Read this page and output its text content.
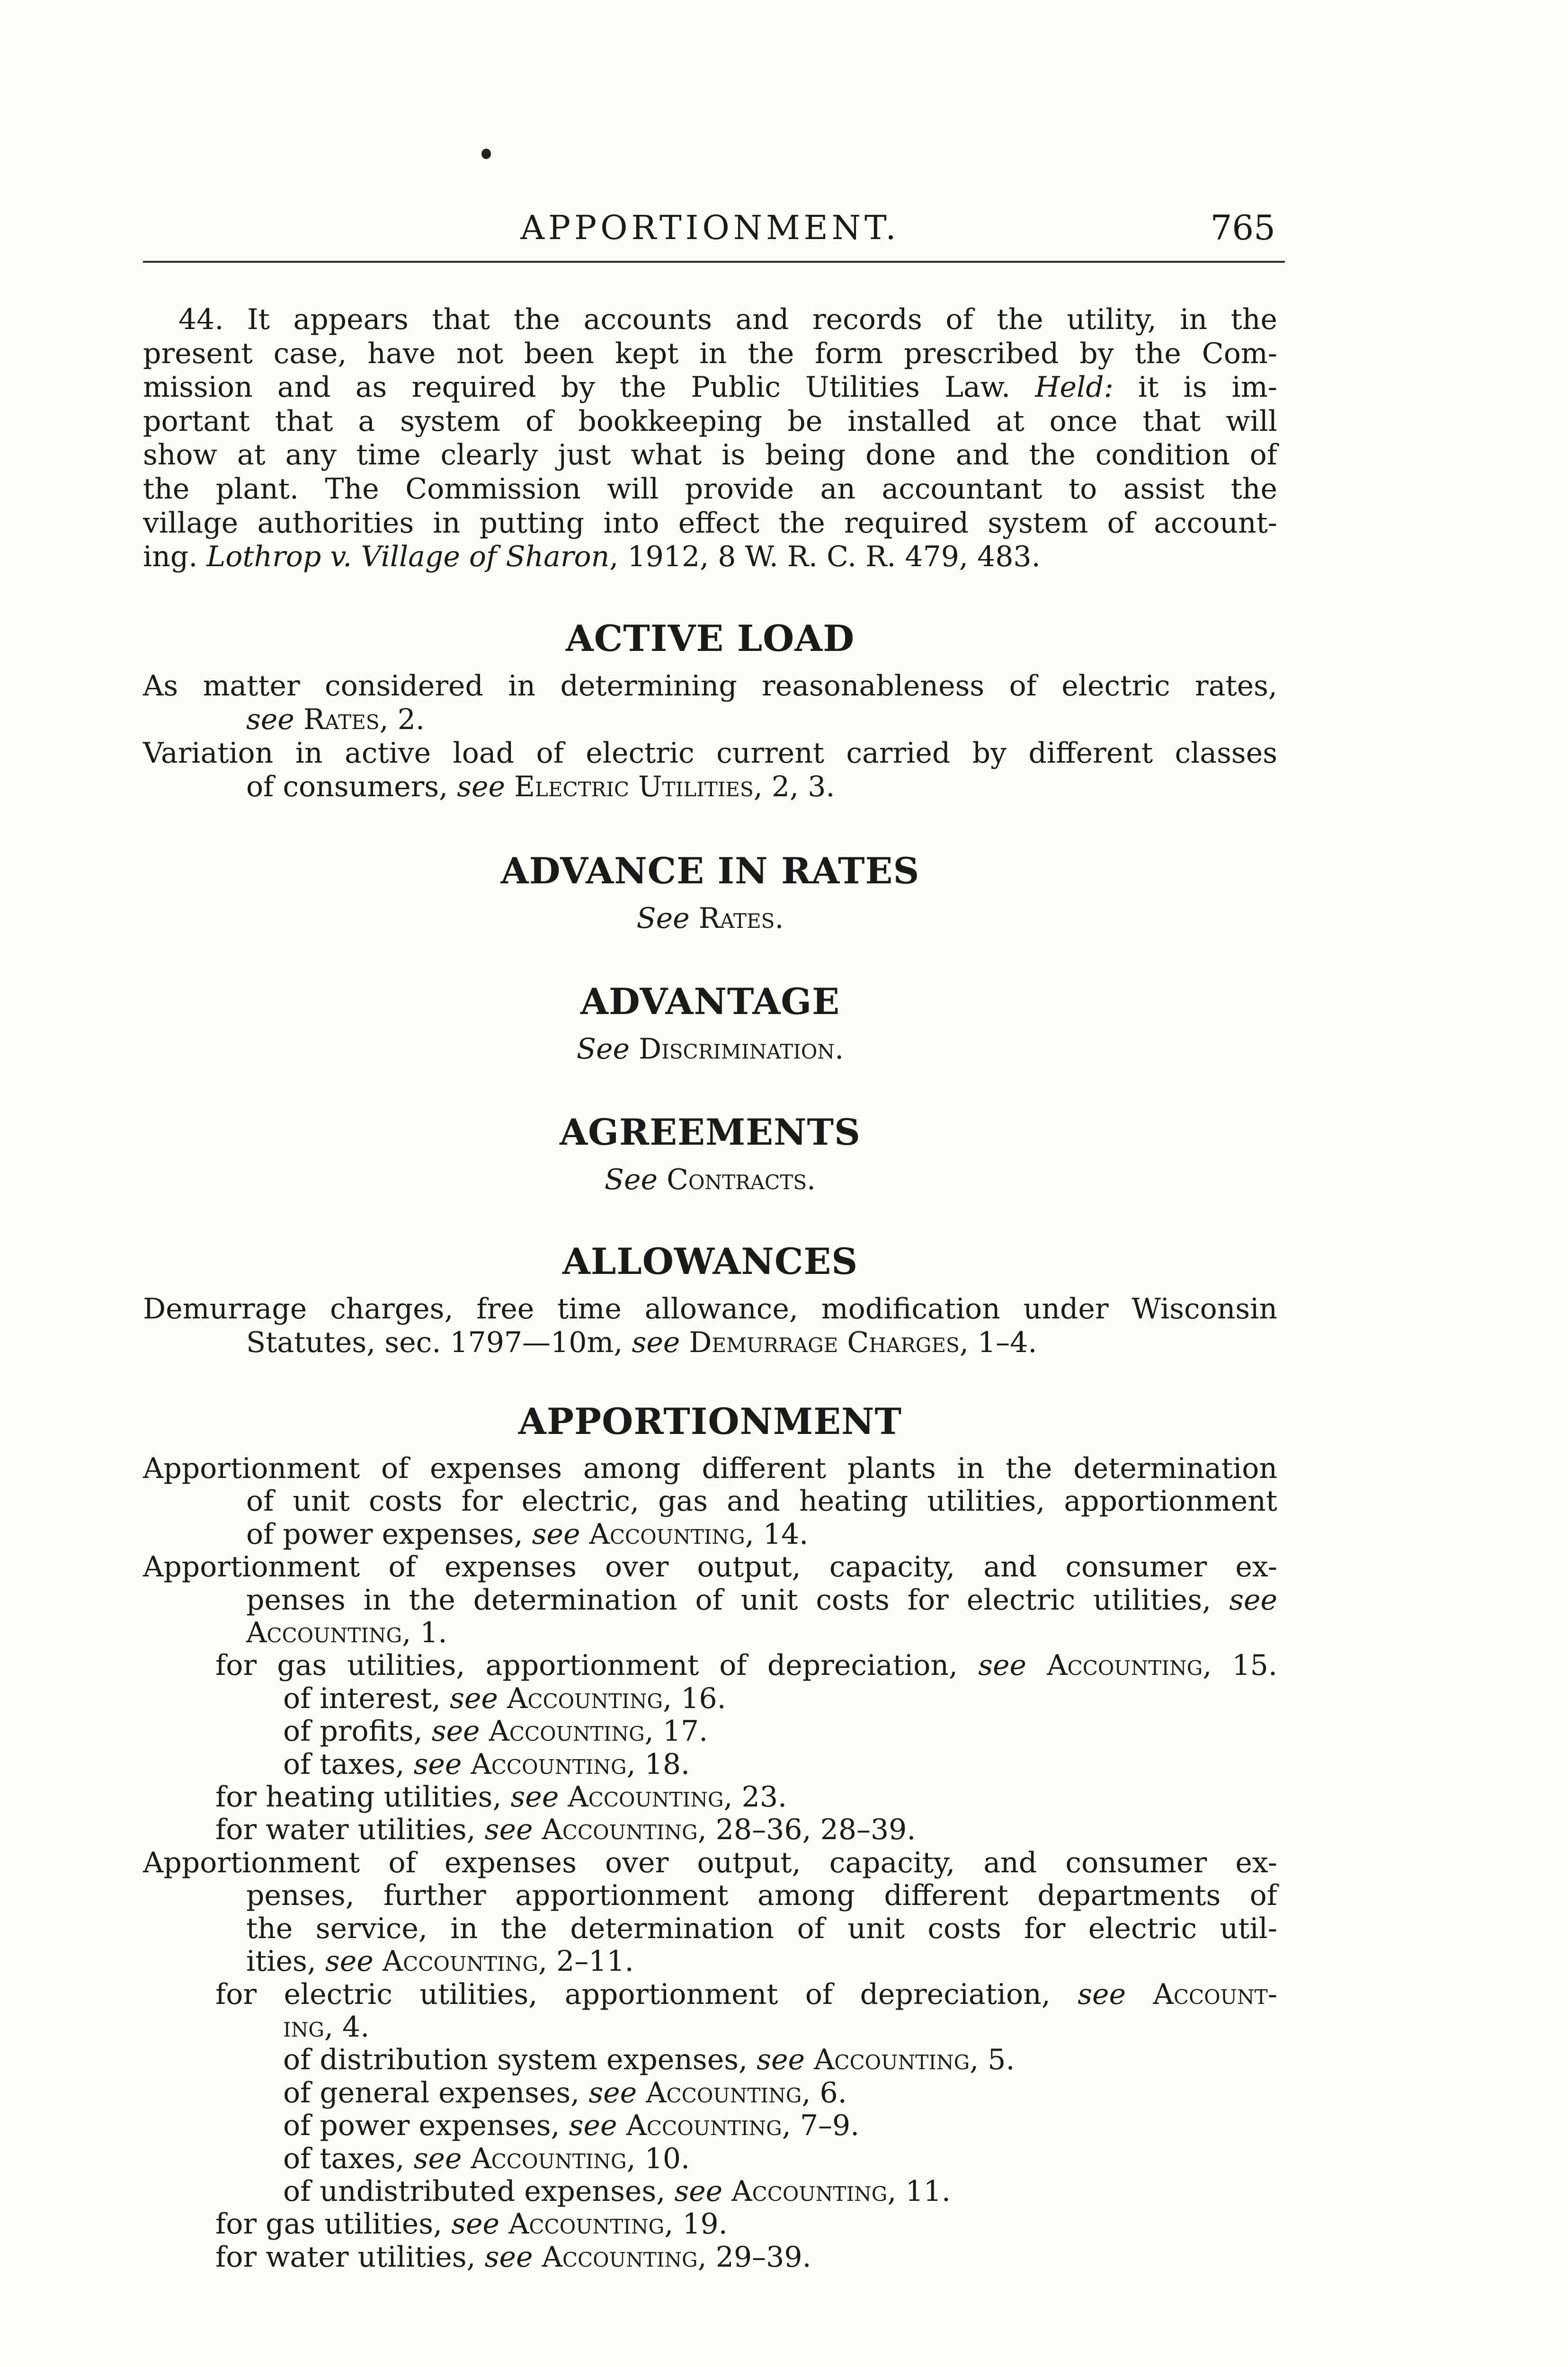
APPORTIONMENT.	765
44. It appears that the accounts and records of the utility, in the
present case, have not been kept in the form prescribed by the Com-
mission and as required by the Public Utilities Law. Held: it is im-
portant that a system of bookkeeping be installed at once that will
show at any time clearly just what is being done and the condition of
the plant. The Commission will provide an accountant to assist the
village authorities in putting into effect the required system of account-
ing. Lothrop v. Village of Sharon, 1912, 8 W. R. C. R. 479, 483.
ACTIVE LOAD
As matter considered in determining reasonableness of electric rates,
see Rates, 2.
Variation in active load of electric current carried by different classes
of consumers, see Electric Utilities, 2, 3.
ADVANCE IN RATES
See Rates.
ADVANTAGE
See Discrimination.
AGREEMENTS
See Contracts.
ALLOWANCES
Demurrage charges, free time allowance, modification under Wisconsin
Statutes, sec. 1797—10m, see Demurrage Charges, 1–4.
APPORTIONMENT
Apportionment of expenses among different plants in the determination
of unit costs for electric, gas and heating utilities, apportionment
of power expenses, see Accounting, 14.
Apportionment of expenses over output, capacity, and consumer ex-
penses in the determination of unit costs for electric utilities, see
Accounting, 1.
for gas utilities, apportionment of depreciation, see Accounting, 15.
of interest, see Accounting, 16.
of profits, see Accounting, 17.
of taxes, see Accounting, 18.
for heating utilities, see Accounting, 23.
for water utilities, see Accounting, 28–36, 28–39.
Apportionment of expenses over output, capacity, and consumer ex-
penses, further apportionment among different departments of
the service, in the determination of unit costs for electric util-
ities, see Accounting, 2–11.
for electric utilities, apportionment of depreciation, see Account-
ing, 4.
of distribution system expenses, see Accounting, 5.
of general expenses, see Accounting, 6.
of power expenses, see Accounting, 7–9.
of taxes, see Accounting, 10.
of undistributed expenses, see Accounting, 11.
for gas utilities, see Accounting, 19.
for water utilities, see Accounting, 29–39.
